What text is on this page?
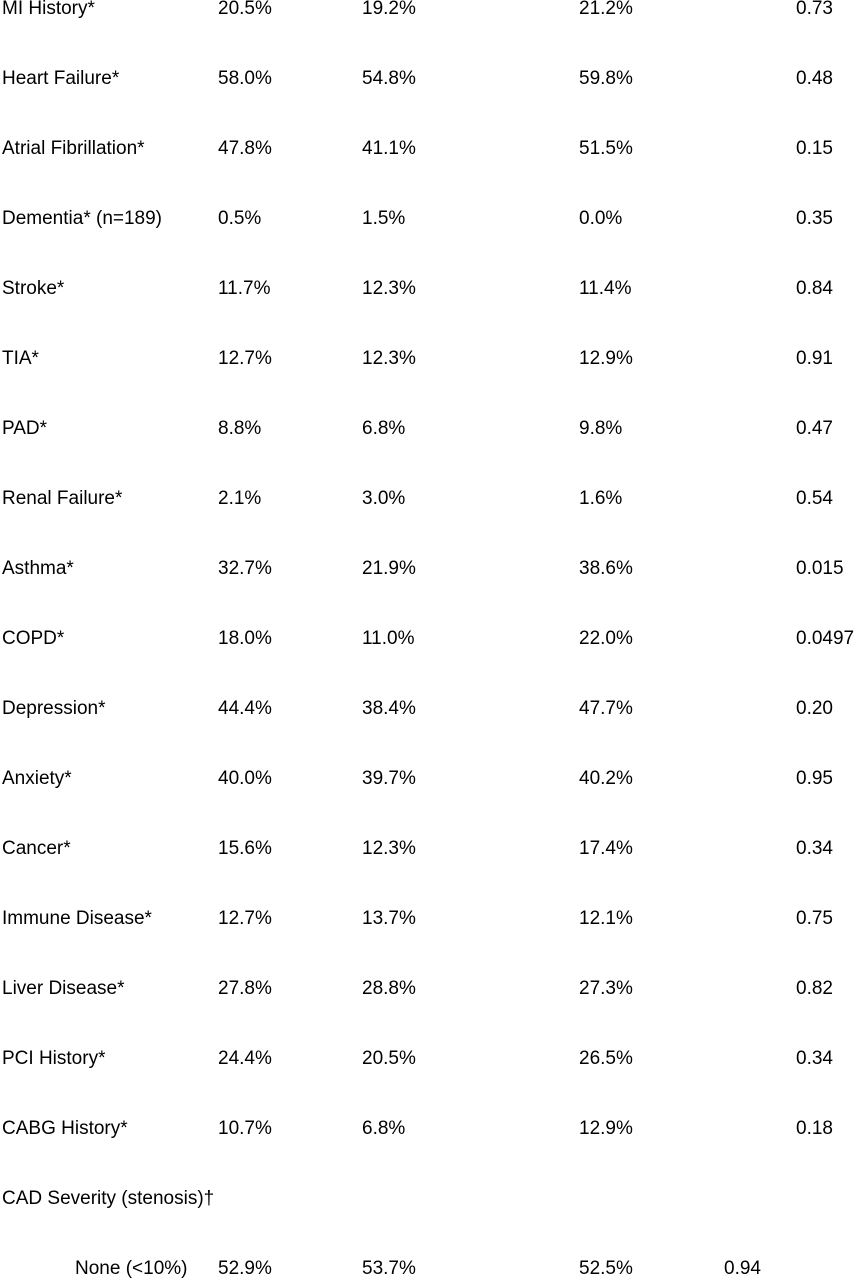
MI History*	20.5%	19.2%	21.2%	0.73
Heart Failure*	58.0%	54.8%	59.8%	0.48
Atrial Fibrillation*	47.8%	41.1%	51.5%	0.15
Dementia* (n=189)	0.5%	1.5%	0.0%	0.35
Stroke*	11.7%	12.3%	11.4%	0.84
TIA*	12.7%	12.3%	12.9%	0.91
PAD*	8.8%	6.8%	9.8%	0.47
Renal Failure*	2.1%	3.0%	1.6%	0.54
Asthma*	32.7%	21.9%	38.6%	0.015
COPD*	18.0%	11.0%	22.0%	0.0497
Depression*	44.4%	38.4%	47.7%	0.20
Anxiety*	40.0%	39.7%	40.2%	0.95
Cancer*	15.6%	12.3%	17.4%	0.34
Immune Disease*	12.7%	13.7%	12.1%	0.75
Liver Disease*	27.8%	28.8%	27.3%	0.82
PCI History*	24.4%	20.5%	26.5%	0.34
CABG History*	10.7%	6.8%	12.9%	0.18
CAD Severity (stenosis)†
None (<10%) 52.9%	53.7%	52.5%	0.94
